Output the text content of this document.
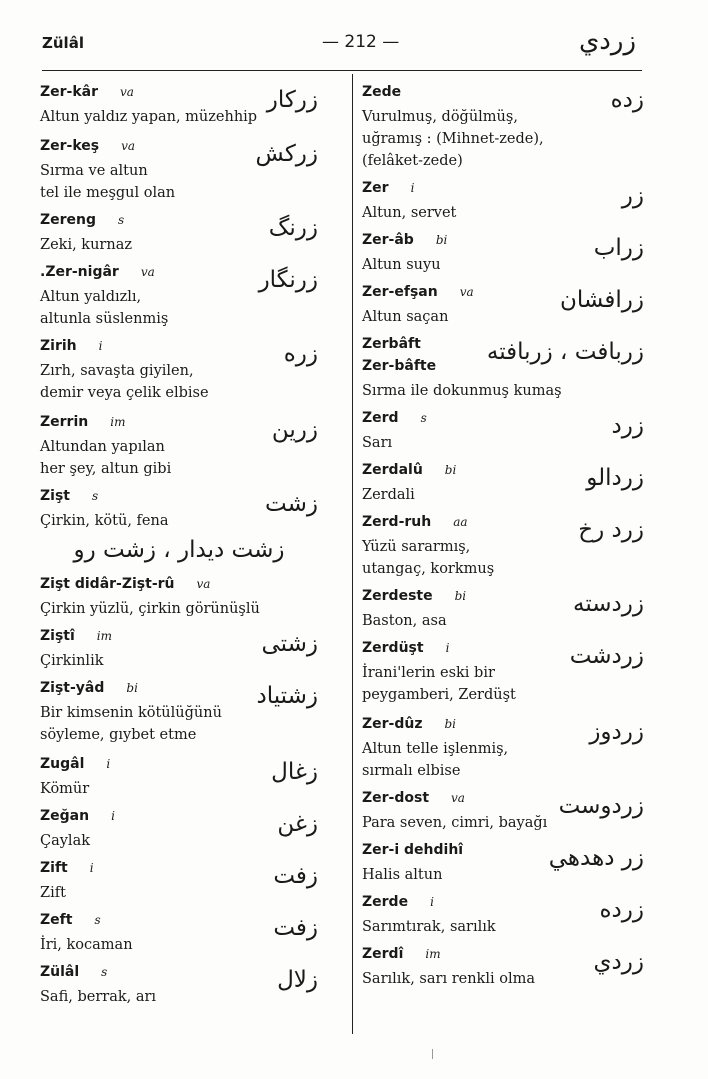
Zülâl	— 212 —	زردي
Zer-kâr va
Altun yaldız yapan, müzehhip
زركار
Zer-keş va
Sırma ve altun
tel ile meşgul olan
زركش
Zereng s
Zeki, kurnaz
زرنگ
.Zer-nigâr va
Altun yaldızlı,
altunla süslenmiş
زرنگار
Zirih i
Zırh, savaşta giyilen,
demir veya çelik elbise
زره
Zerrin im
Altundan yapılan
her şey, altun gibi
زرين
Zişt s
Çirkin, kötü, fena
زشت
زشت ديدار ، زشت رو
Zişt didâr-Zişt-rû va
Çirkin yüzlü, çirkin görünüşlü
Ziştî im
Çirkinlik
زشتى
Zişt-yâd bi
Bir kimsenin kötülüğünü
söyleme, gıybet etme
زشتياد
Zugâl i
Kömür
زغال
Zeğan i
Çaylak
زغن
Zift i
Zift
زفت
Zeft s
İri, kocaman
زفت
Zülâl s
Safi, berrak, arı
زلال
Zede
Vurulmuş, döğülmüş,
uğramış : (Mihnet-zede),
(felâket-zede)
زده
Zer i
Altun, servet
زر
Zer-âb bi
Altun suyu
زراب
Zer-efşan va
Altun saçan
زرافشان
Zerbâft
Zer-bâfte
Sırma ile dokunmuş kumaş
زربافت ، زربافته
Zerd s
Sarı
زرد
Zerdalû bi
Zerdali
زردالو
Zerd-ruh aa
Yüzü sararmış,
utangaç, korkmuş
زرد رخ
Zerdeste bi
Baston, asa
زردسته
Zerdüşt i
İrani'lerin eski bir
peygamberi, Zerdüşt
زردشت
Zer-dûz bi
Altun telle işlenmiş,
sırmalı elbise
زردوز
Zer-dost va
Para seven, cimri, bayağı
زردوست
Zer-i dehdihî
Halis altun
زر دهدهي
Zerde i
Sarımtırak, sarılık
زرده
Zerdî im
Sarılık, sarı renkli olma
زردي
